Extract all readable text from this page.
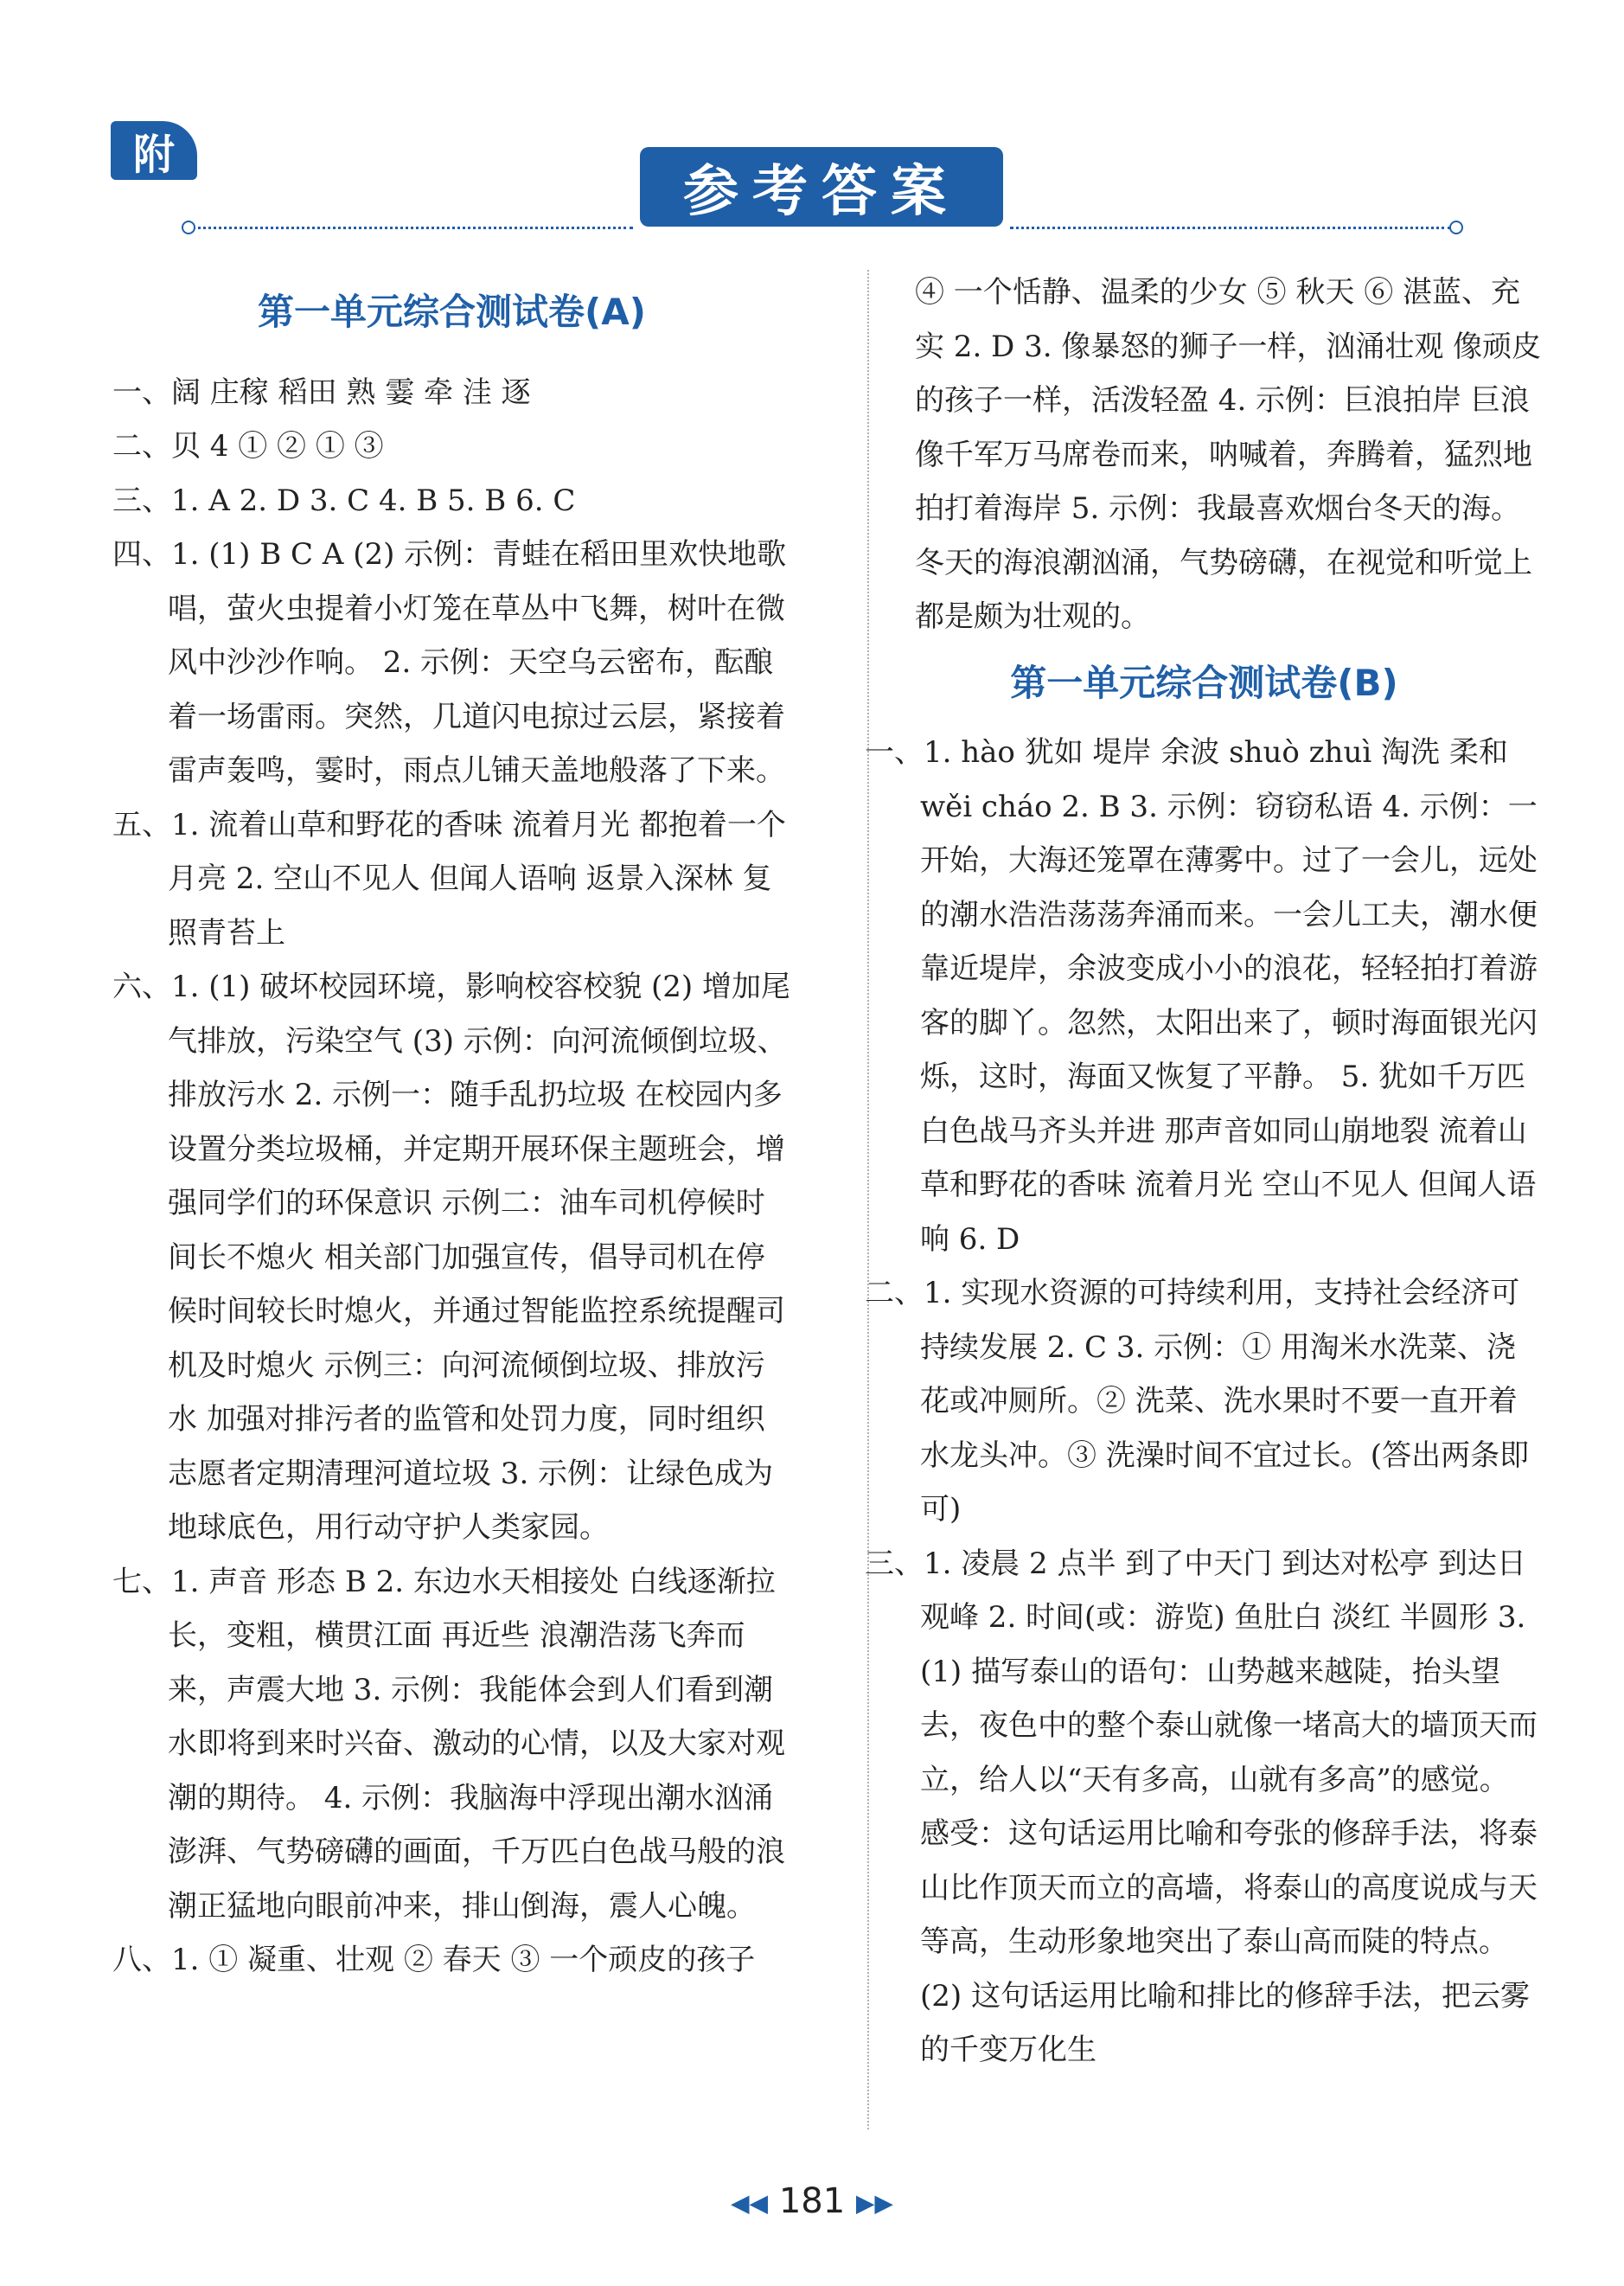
附
参考答案

第一单元综合测试卷(A)

一、阔 庄稼 稻田 熟 霎 牵 洼 逐

二、贝 4 ① ② ① ③

三、1. A 2. D 3. C 4. B 5. B 6. C

四、1. (1) B C A (2) 示例：青蛙在稻田里欢快地歌唱，萤火虫提着小灯笼在草丛中飞舞，树叶在微风中沙沙作响。 2. 示例：天空乌云密布，酝酿着一场雷雨。突然，几道闪电掠过云层，紧接着雷声轰鸣，霎时，雨点儿铺天盖地般落了下来。

五、1. 流着山草和野花的香味 流着月光 都抱着一个月亮 2. 空山不见人 但闻人语响 返景入深林 复照青苔上

六、1. (1) 破坏校园环境，影响校容校貌 (2) 增加尾气排放，污染空气 (3) 示例：向河流倾倒垃圾、排放污水 2. 示例一：随手乱扔垃圾 在校园内多设置分类垃圾桶，并定期开展环保主题班会，增强同学们的环保意识 示例二：油车司机停候时间长不熄火 相关部门加强宣传，倡导司机在停候时间较长时熄火，并通过智能监控系统提醒司机及时熄火 示例三：向河流倾倒垃圾、排放污水 加强对排污者的监管和处罚力度，同时组织志愿者定期清理河道垃圾 3. 示例：让绿色成为地球底色，用行动守护人类家园。

七、1. 声音 形态 B 2. 东边水天相接处 白线逐渐拉长，变粗，横贯江面 再近些 浪潮浩荡飞奔而来，声震大地 3. 示例：我能体会到人们看到潮水即将到来时兴奋、激动的心情，以及大家对观潮的期待。 4. 示例：我脑海中浮现出潮水汹涌澎湃、气势磅礴的画面，千万匹白色战马般的浪潮正猛地向眼前冲来，排山倒海，震人心魄。

八、1. ① 凝重、壮观 ② 春天 ③ 一个顽皮的孩子

④ 一个恬静、温柔的少女 ⑤ 秋天 ⑥ 湛蓝、充实 2. D 3. 像暴怒的狮子一样，汹涌壮观 像顽皮的孩子一样，活泼轻盈 4. 示例：巨浪拍岸 巨浪像千军万马席卷而来，呐喊着，奔腾着，猛烈地拍打着海岸 5. 示例：我最喜欢烟台冬天的海。冬天的海浪潮汹涌，气势磅礴，在视觉和听觉上都是颇为壮观的。

第一单元综合测试卷(B)

一、1. hào 犹如 堤岸 余波 shuò zhuì 淘洗 柔和 wěi cháo 2. B 3. 示例：窃窃私语 4. 示例：一开始，大海还笼罩在薄雾中。过了一会儿，远处的潮水浩浩荡荡奔涌而来。一会儿工夫，潮水便靠近堤岸，余波变成小小的浪花，轻轻拍打着游客的脚丫。忽然，太阳出来了，顿时海面银光闪烁，这时，海面又恢复了平静。 5. 犹如千万匹白色战马齐头并进 那声音如同山崩地裂 流着山草和野花的香味 流着月光 空山不见人 但闻人语响 6. D

二、1. 实现水资源的可持续利用，支持社会经济可持续发展 2. C 3. 示例：① 用淘米水洗菜、浇花或冲厕所。② 洗菜、洗水果时不要一直开着水龙头冲。③ 洗澡时间不宜过长。(答出两条即可)

三、1. 凌晨 2 点半 到了中天门 到达对松亭 到达日观峰 2. 时间(或：游览) 鱼肚白 淡红 半圆形 3. (1) 描写泰山的语句：山势越来越陡，抬头望去，夜色中的整个泰山就像一堵高大的墙顶天而立，给人以“天有多高，山就有多高”的感觉。 感受：这句话运用比喻和夸张的修辞手法，将泰山比作顶天而立的高墙，将泰山的高度说成与天等高，生动形象地突出了泰山高而陡的特点。 (2) 这句话运用比喻和排比的修辞手法，把云雾的千变万化生

◀◀ 181 ▶▶
